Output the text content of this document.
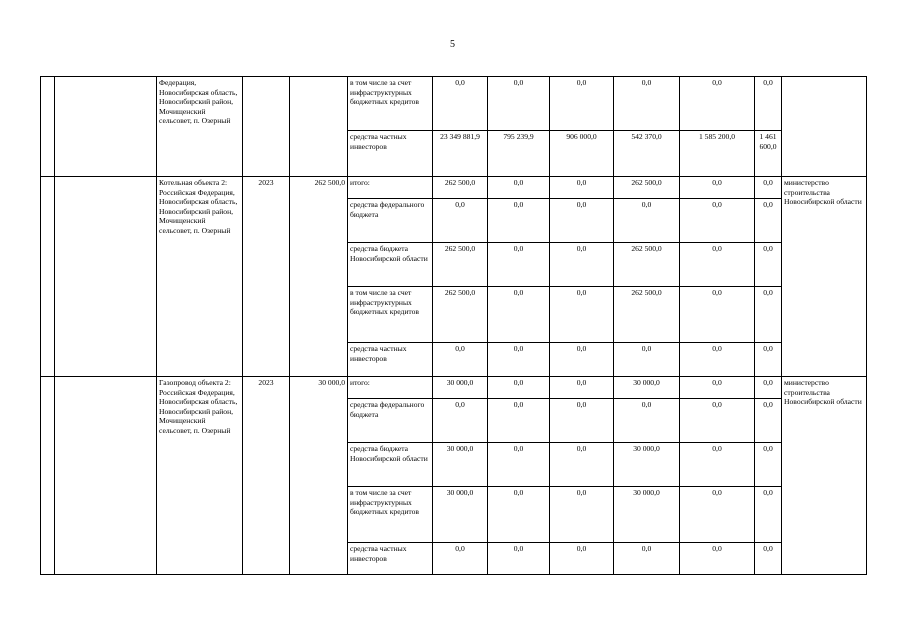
5
		Федерация, Новосибирская область, Новосибирский район, Мочищенский сельсовет, п. Озерный			в том числе за счет инфраструктурных бюджетных кредитов	0,0	0,0	0,0	0,0	0,0	0,0	
					средства частных инвесторов	23 349 881,9	795 239,9	906 000,0	542 370,0	1 585 200,0	1 461 600,0	
		Котельная объекта 2: Российская Федерация, Новосибирская область, Новосибирский район, Мочищенский сельсовет, п. Озерный	2023	262 500,0	итого:	262 500,0	0,0	0,0	262 500,0	0,0	0,0	министерство строительства Новосибирской области
					средства федерального бюджета	0,0	0,0	0,0	0,0	0,0	0,0	
					средства бюджета Новосибирской области	262 500,0	0,0	0,0	262 500,0	0,0	0,0	
					в том числе за счет инфраструктурных бюджетных кредитов	262 500,0	0,0	0,0	262 500,0	0,0	0,0	
					средства частных инвесторов	0,0	0,0	0,0	0,0	0,0	0,0	
		Газопровод объекта 2: Российская Федерация, Новосибирская область, Новосибирский район, Мочищенский сельсовет, п. Озерный	2023	30 000,0	итого:	30 000,0	0,0	0,0	30 000,0	0,0	0,0	министерство строительства Новосибирской области
					средства федерального бюджета	0,0	0,0	0,0	0,0	0,0	0,0	
					средства бюджета Новосибирской области	30 000,0	0,0	0,0	30 000,0	0,0	0,0	
					в том числе за счет инфраструктурных бюджетных кредитов	30 000,0	0,0	0,0	30 000,0	0,0	0,0	
					средства частных инвесторов	0,0	0,0	0,0	0,0	0,0	0,0	
